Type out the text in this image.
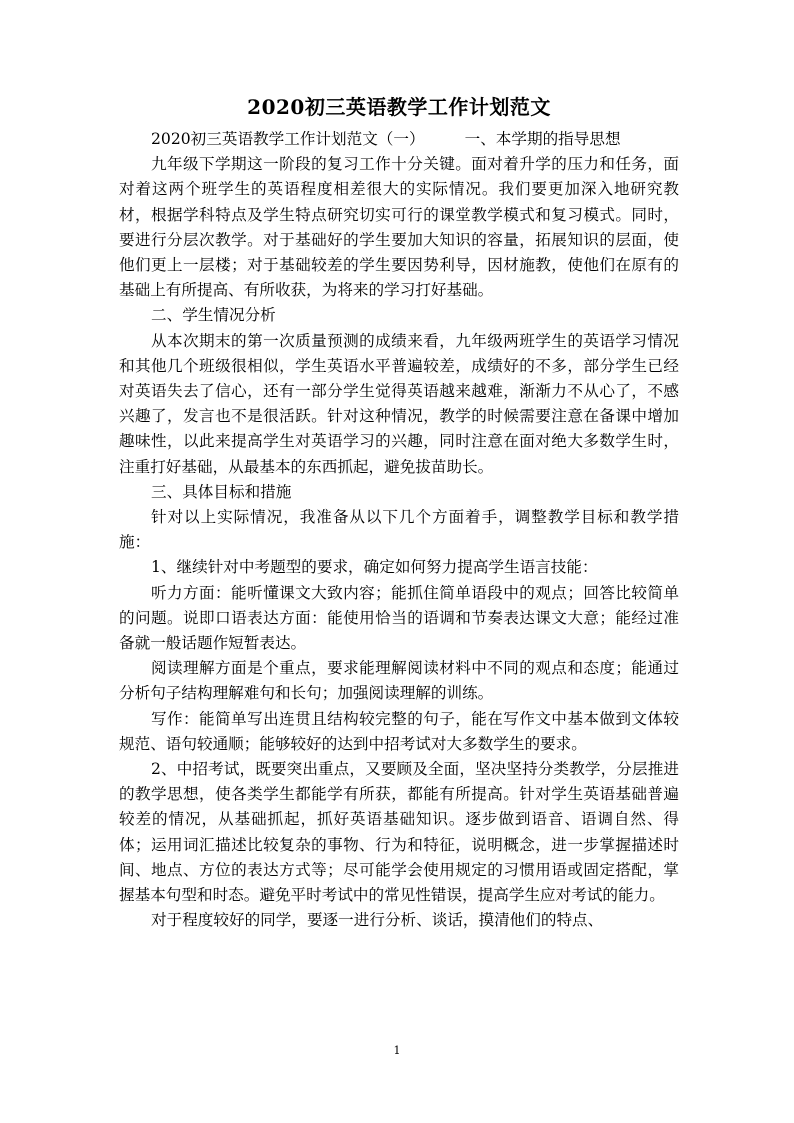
2020初三英语教学工作计划范文

2020初三英语教学工作计划范文（一）	一、本学期的指导思想

九年级下学期这一阶段的复习工作十分关键。面对着升学的压力和任务，面对着这两个班学生的英语程度相差很大的实际情况。我们要更加深入地研究教材，根据学科特点及学生特点研究切实可行的课堂教学模式和复习模式。同时，要进行分层次教学。对于基础好的学生要加大知识的容量，拓展知识的层面，使他们更上一层楼；对于基础较差的学生要因势利导，因材施教，使他们在原有的基础上有所提高、有所收获，为将来的学习打好基础。

二、学生情况分析

从本次期末的第一次质量预测的成绩来看，九年级两班学生的英语学习情况和其他几个班级很相似，学生英语水平普遍较差，成绩好的不多，部分学生已经对英语失去了信心，还有一部分学生觉得英语越来越难，渐渐力不从心了，不感兴趣了，发言也不是很活跃。针对这种情况，教学的时候需要注意在备课中增加趣味性，以此来提高学生对英语学习的兴趣，同时注意在面对绝大多数学生时，注重打好基础，从最基本的东西抓起，避免拔苗助长。

三、具体目标和措施

针对以上实际情况，我准备从以下几个方面着手，调整教学目标和教学措施：

1、继续针对中考题型的要求，确定如何努力提高学生语言技能：

听力方面：能听懂课文大致内容；能抓住简单语段中的观点；回答比较简单的问题。说即口语表达方面：能使用恰当的语调和节奏表达课文大意；能经过准备就一般话题作短暂表达。

阅读理解方面是个重点，要求能理解阅读材料中不同的观点和态度；能通过分析句子结构理解难句和长句；加强阅读理解的训练。

写作：能简单写出连贯且结构较完整的句子，能在写作文中基本做到文体较规范、语句较通顺；能够较好的达到中招考试对大多数学生的要求。

2、中招考试，既要突出重点，又要顾及全面，坚决坚持分类教学，分层推进的教学思想，使各类学生都能学有所获，都能有所提高。针对学生英语基础普遍较差的情况，从基础抓起，抓好英语基础知识。逐步做到语音、语调自然、得体；运用词汇描述比较复杂的事物、行为和特征，说明概念，进一步掌握描述时间、地点、方位的表达方式等；尽可能学会使用规定的习惯用语或固定搭配，掌握基本句型和时态。避免平时考试中的常见性错误，提高学生应对考试的能力。

对于程度较好的同学，要逐一进行分析、谈话，摸清他们的特点、

1
